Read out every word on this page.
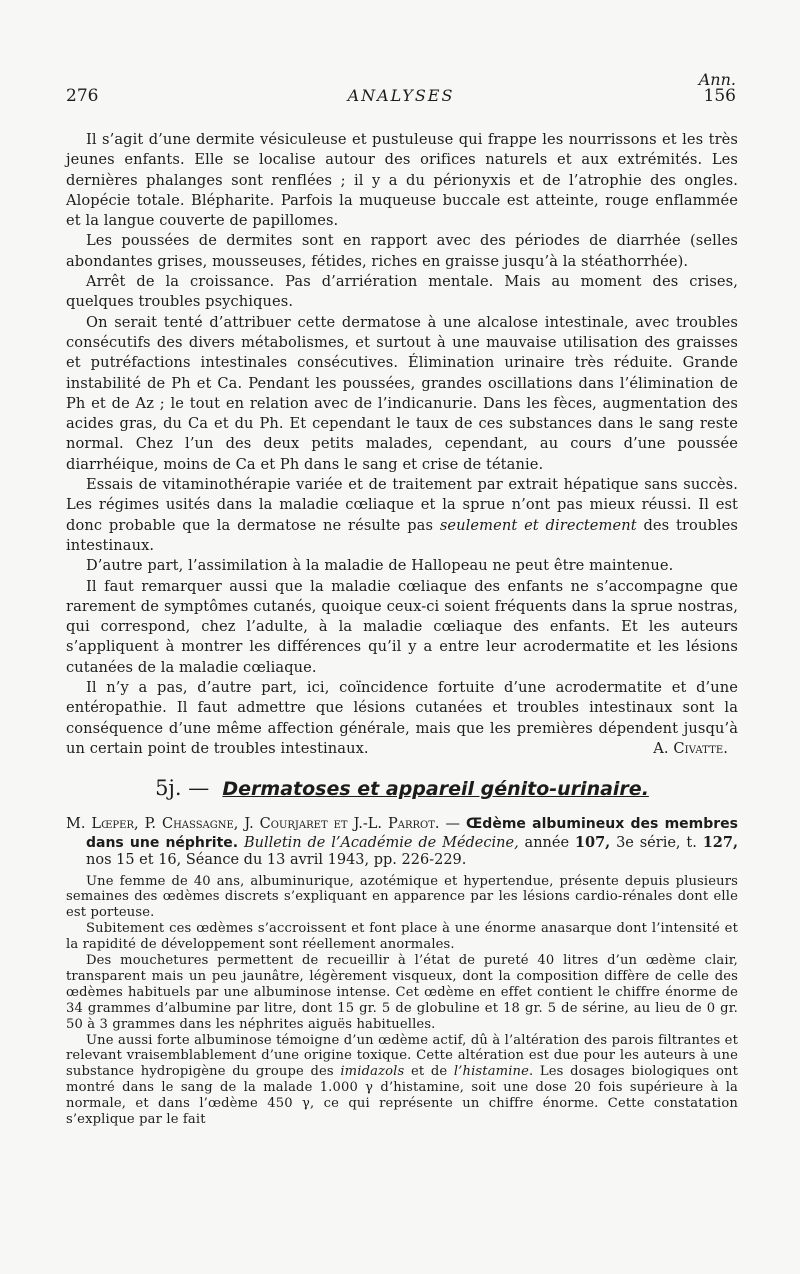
Ann.
276	ANALYSES	156

Il s’agit d’une dermite vésiculeuse et pustuleuse qui frappe les nourrissons et les très jeunes enfants. Elle se localise autour des orifices naturels et aux extrémités. Les dernières phalanges sont renflées ; il y a du périonyxis et de l’atrophie des ongles. Alopécie totale. Blépharite. Parfois la muqueuse buccale est atteinte, rouge enflammée et la langue couverte de papillomes.

Les poussées de dermites sont en rapport avec des périodes de diarrhée (selles abondantes grises, mousseuses, fétides, riches en graisse jusqu’à la stéathorrhée).

Arrêt de la croissance. Pas d’arriération mentale. Mais au moment des crises, quelques troubles psychiques.

On serait tenté d’attribuer cette dermatose à une alcalose intestinale, avec troubles consécutifs des divers métabolismes, et surtout à une mauvaise utilisation des graisses et putréfactions intestinales consécutives. Élimination urinaire très réduite. Grande instabilité de Ph et Ca. Pendant les poussées, grandes oscillations dans l’élimination de Ph et de Az ; le tout en relation avec de l’indicanurie. Dans les fèces, augmentation des acides gras, du Ca et du Ph. Et cependant le taux de ces substances dans le sang reste normal. Chez l’un des deux petits malades, cependant, au cours d’une poussée diarrhéique, moins de Ca et Ph dans le sang et crise de tétanie.

Essais de vitaminothérapie variée et de traitement par extrait hépatique sans succès. Les régimes usités dans la maladie cœliaque et la sprue n’ont pas mieux réussi. Il est donc probable que la dermatose ne résulte pas seulement et directement des troubles intestinaux.

D’autre part, l’assimilation à la maladie de Hallopeau ne peut être maintenue.

Il faut remarquer aussi que la maladie cœliaque des enfants ne s’accompagne que rarement de symptômes cutanés, quoique ceux-ci soient fréquents dans la sprue nostras, qui correspond, chez l’adulte, à la maladie cœliaque des enfants. Et les auteurs s’appliquent à montrer les différences qu’il y a entre leur acrodermatite et les lésions cutanées de la maladie cœliaque.

Il n’y a pas, d’autre part, ici, coïncidence fortuite d’une acrodermatite et d’une entéropathie. Il faut admettre que lésions cutanées et troubles intestinaux sont la conséquence d’une même affection générale, mais que les premières dépendent jusqu’à un certain point de troubles intestinaux.	A. Civatte.

5j. — Dermatoses et appareil génito-urinaire.

M. Lœper, P. Chassagne, J. Courjaret et J.-L. Parrot. — Œdème albumineux des membres dans une néphrite. Bulletin de l’Académie de Médecine, année 107, 3e série, t. 127, nos 15 et 16, Séance du 13 avril 1943, pp. 226-229.

Une femme de 40 ans, albuminurique, azotémique et hypertendue, présente depuis plusieurs semaines des œdèmes discrets s’expliquant en apparence par les lésions cardio-rénales dont elle est porteuse.

Subitement ces œdèmes s’accroissent et font place à une énorme anasarque dont l’intensité et la rapidité de développement sont réellement anormales.

Des mouchetures permettent de recueillir à l’état de pureté 40 litres d’un œdème clair, transparent mais un peu jaunâtre, légèrement visqueux, dont la composition diffère de celle des œdèmes habituels par une albuminose intense. Cet œdème en effet contient le chiffre énorme de 34 grammes d’albumine par litre, dont 15 gr. 5 de globuline et 18 gr. 5 de sérine, au lieu de 0 gr. 50 à 3 grammes dans les néphrites aiguës habituelles.

Une aussi forte albuminose témoigne d’un œdème actif, dû à l’altération des parois filtrantes et relevant vraisemblablement d’une origine toxique. Cette altération est due pour les auteurs à une substance hydropigène du groupe des imidazols et de l’histamine. Les dosages biologiques ont montré dans le sang de la malade 1.000 γ d’histamine, soit une dose 20 fois supérieure à la normale, et dans l’œdème 450 γ, ce qui représente un chiffre énorme. Cette constatation s’explique par le fait
